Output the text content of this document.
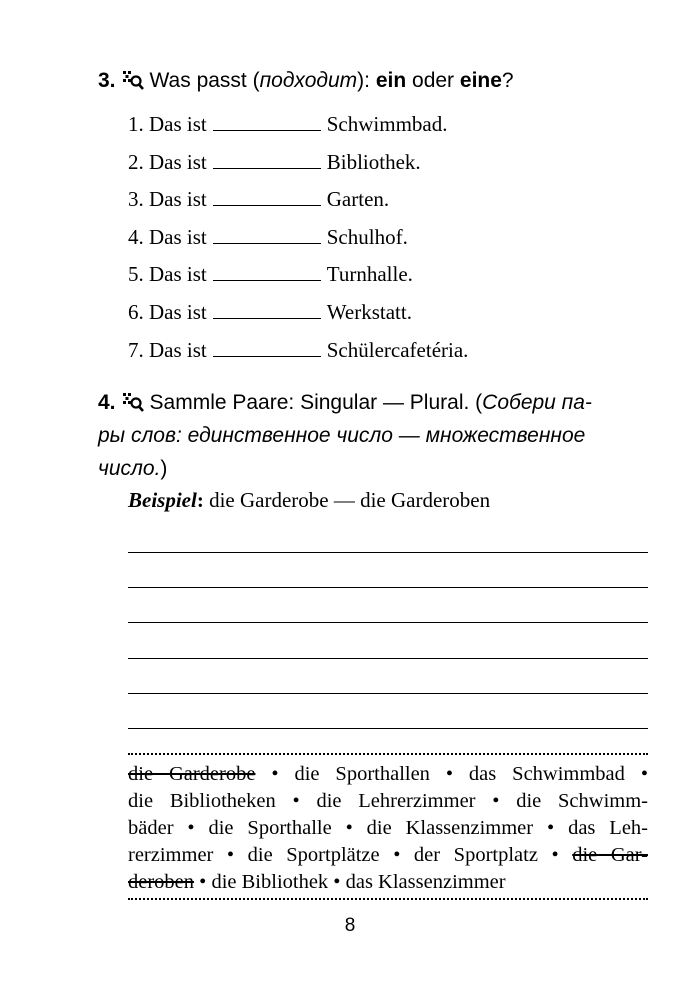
3. Was passt (подходит): ein oder eine?
1. Das ist	Schwimmbad.
2. Das ist	Bibliothek.
3. Das ist	Garten.
4. Das ist	Schulhof.
5. Das ist	Turnhalle.
6. Das ist	Werkstatt.
7. Das ist	Schülercafetéria.
4. Sammle Paare: Singular — Plural. (Собери па-
ры слов: единственное число — множественное
число.)
Beispiel: die Garderobe — die Garderoben
die Garderobe • die Sporthallen • das Schwimmbad •
die Bibliotheken • die Lehrerzimmer • die Schwimm-
bäder • die Sporthalle • die Klassenzimmer • das Leh-
rerzimmer • die Sportplätze • der Sportplatz • die Gar-
deroben • die Bibliothek • das Klassenzimmer
8
